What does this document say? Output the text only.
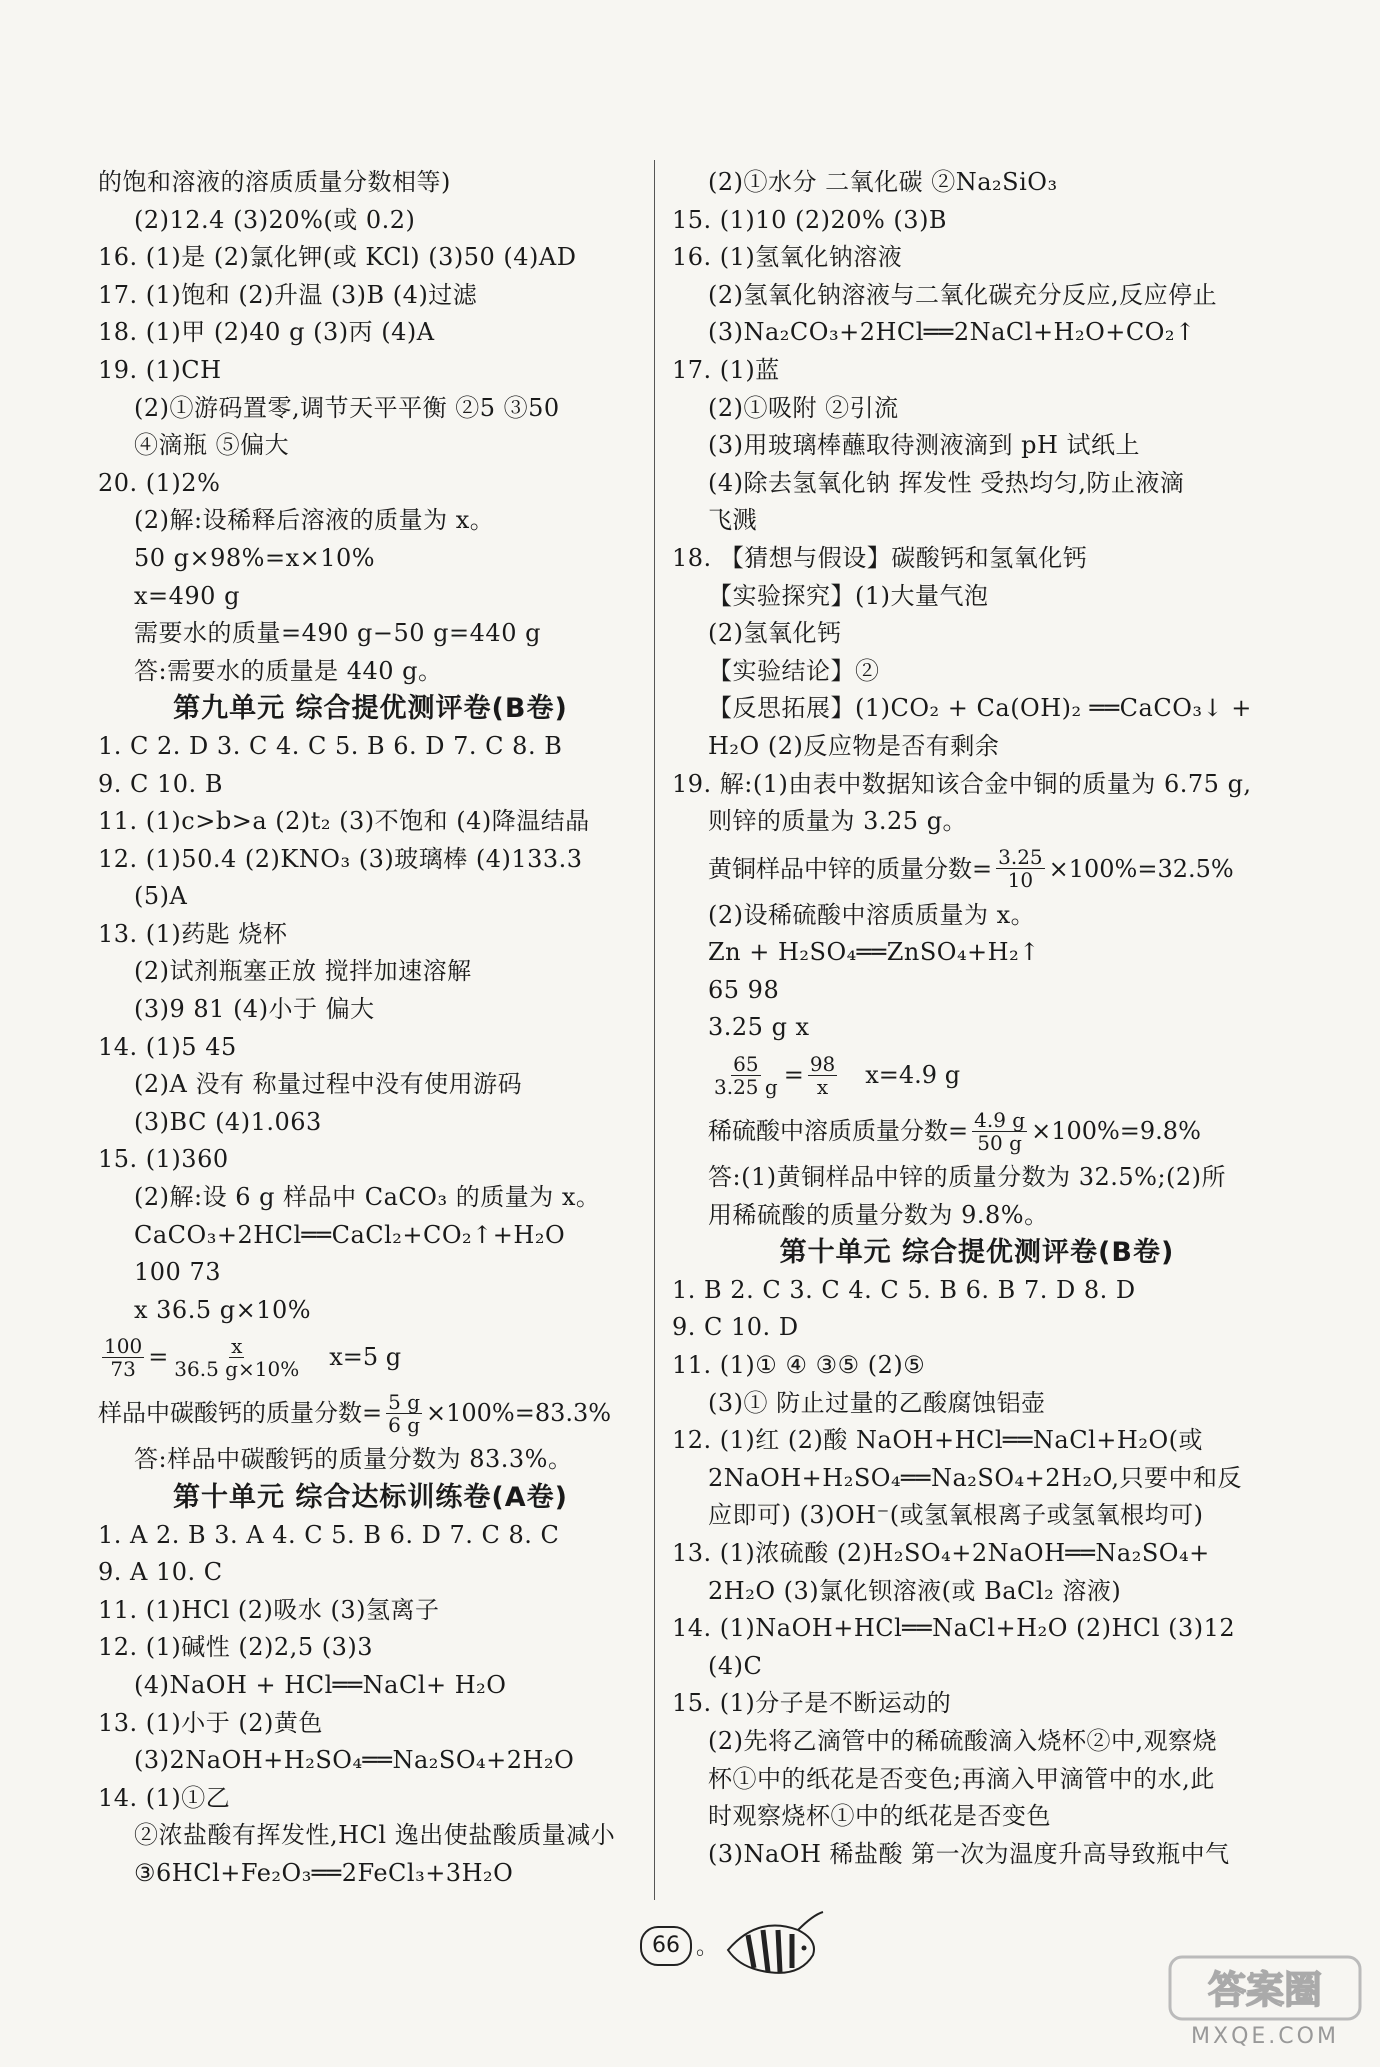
的饱和溶液的溶质质量分数相等)
(2)12.4 (3)20%(或 0.2)
16. (1)是 (2)氯化钾(或 KCl) (3)50 (4)AD
17. (1)饱和 (2)升温 (3)B (4)过滤
18. (1)甲 (2)40 g (3)丙 (4)A
19. (1)CH
(2)①游码置零,调节天平平衡 ②5 ③50
④滴瓶 ⑤偏大
20. (1)2%
(2)解:设稀释后溶液的质量为 x。
50 g×98%=x×10%
x=490 g
需要水的质量=490 g−50 g=440 g
答:需要水的质量是 440 g。
第九单元 综合提优测评卷(B卷)
1. C 2. D 3. C 4. C 5. B 6. D 7. C 8. B
9. C 10. B
11. (1)c>b>a (2)t₂ (3)不饱和 (4)降温结晶
12. (1)50.4 (2)KNO₃ (3)玻璃棒 (4)133.3
(5)A
13. (1)药匙 烧杯
(2)试剂瓶塞正放 搅拌加速溶解
(3)9 81 (4)小于 偏大
14. (1)5 45
(2)A 没有 称量过程中没有使用游码
(3)BC (4)1.063
15. (1)360
(2)解:设 6 g 样品中 CaCO₃ 的质量为 x。
CaCO₃+2HCl══CaCl₂+CO₂↑+H₂O
100 73
x 36.5 g×10%
$\frac{100}{73} = \frac{x}{36.5 g\times 10\%} x=5$ g
样品中碳酸钙的质量分数= $\frac{5 g}{6 g} \times 100\%=83.3\%$
答:样品中碳酸钙的质量分数为 83.3%。
第十单元 综合达标训练卷(A卷)
1. A 2. B 3. A 4. C 5. B 6. D 7. C 8. C
9. A 10. C
11. (1)HCl (2)吸水 (3)氢离子
12. (1)碱性 (2)2,5 (3)3
(4)NaOH + HCl══NaCl+ H₂O
13. (1)小于 (2)黄色
(3)2NaOH+H₂SO₄══Na₂SO₄+2H₂O
14. (1)①乙
②浓盐酸有挥发性,HCl 逸出使盐酸质量减小
③6HCl+Fe₂O₃══2FeCl₃+3H₂O
(2)①水分 二氧化碳 ②Na₂SiO₃
15. (1)10 (2)20% (3)B
16. (1)氢氧化钠溶液
(2)氢氧化钠溶液与二氧化碳充分反应,反应停止
(3)Na₂CO₃+2HCl══2NaCl+H₂O+CO₂↑
17. (1)蓝
(2)①吸附 ②引流
(3)用玻璃棒蘸取待测液滴到 pH 试纸上
(4)除去氢氧化钠 挥发性 受热均匀,防止液滴
飞溅
18. 【猜想与假设】碳酸钙和氢氧化钙
【实验探究】(1)大量气泡
(2)氢氧化钙
【实验结论】②
【反思拓展】(1)CO₂ + Ca(OH)₂ ══CaCO₃↓ +
H₂O (2)反应物是否有剩余
19. 解:(1)由表中数据知该合金中铜的质量为 6.75 g,
则锌的质量为 3.25 g。
黄铜样品中锌的质量分数= $\frac{3.25}{10} \times 100\%=32.5\%$
(2)设稀硫酸中溶质质量为 x。
Zn + H₂SO₄══ZnSO₄+H₂↑
65 98
3.25 g x
$\frac{65}{3.25 g} = \frac{98}{x} x=4.9$ g
稀硫酸中溶质质量分数= $\frac{4.9 g}{50 g} \times 100\%=9.8\%$
答:(1)黄铜样品中锌的质量分数为 32.5%;(2)所
用稀硫酸的质量分数为 9.8%。
第十单元 综合提优测评卷(B卷)
1. B 2. C 3. C 4. C 5. B 6. B 7. D 8. D
9. C 10. D
11. (1)① ④ ③⑤ (2)⑤
(3)① 防止过量的乙酸腐蚀铝壶
12. (1)红 (2)酸 NaOH+HCl══NaCl+H₂O(或
2NaOH+H₂SO₄══Na₂SO₄+2H₂O,只要中和反
应即可) (3)OH⁻(或氢氧根离子或氢氧根均可)
13. (1)浓硫酸 (2)H₂SO₄+2NaOH══Na₂SO₄+
2H₂O (3)氯化钡溶液(或 BaCl₂ 溶液)
14. (1)NaOH+HCl══NaCl+H₂O (2)HCl (3)12
(4)C
15. (1)分子是不断运动的
(2)先将乙滴管中的稀硫酸滴入烧杯②中,观察烧
杯①中的纸花是否变色;再滴入甲滴管中的水,此
时观察烧杯①中的纸花是否变色
(3)NaOH 稀盐酸 第一次为温度升高导致瓶中气
66 。
答案圈
MXQE.COM
